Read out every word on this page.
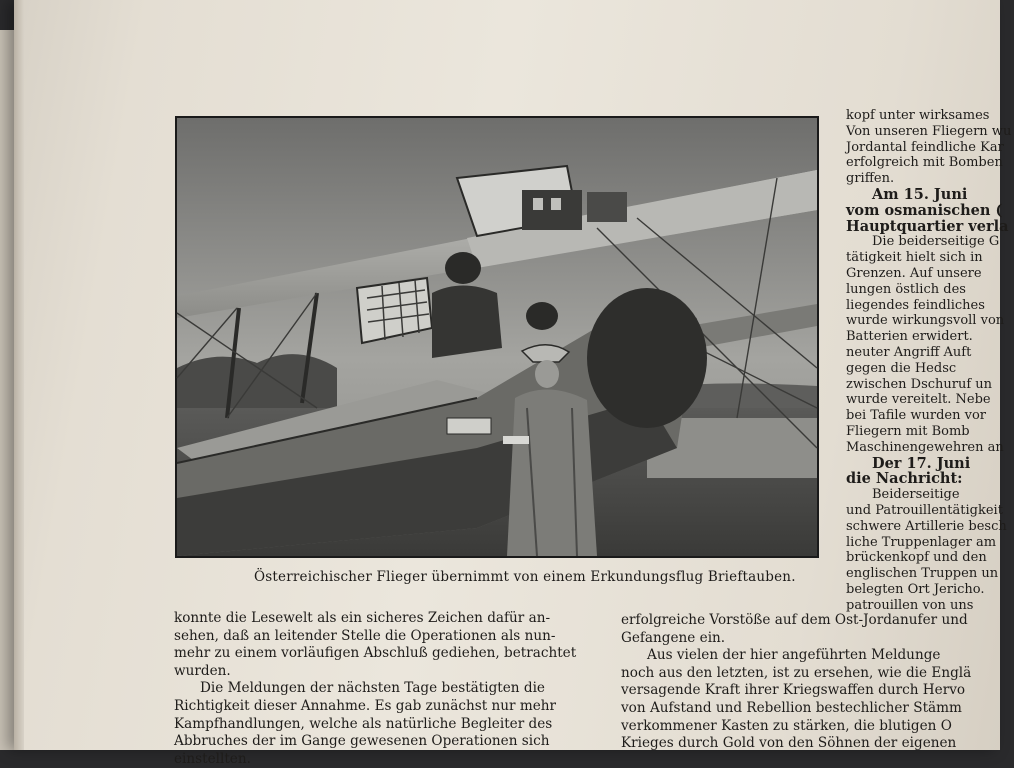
Österreichischer Flieger übernimmt von einem Erkundungsflug Brieftauben.
kopf unter wirksames
Von unseren Fliegern wu
Jordantal feindliche Kar
erfolgreich mit Bomben
griffen.
Am 15. Juni
vom osmanischen (
Hauptquartier verla
Die beiderseitige G
tätigkeit hielt sich in
Grenzen. Auf unsere
lungen östlich des
liegendes feindliches
wurde wirkungsvoll von
Batterien erwidert.
neuter Angriff Auft
gegen die Hedsc
zwischen Dschuruf un
wurde vereitelt. Nebe
bei Tafile wurden vor
Fliegern mit Bomb
Maschinengewehren an
Der 17. Juni
die Nachricht:
Beiderseitige
und Patrouillentätigkeit
schwere Artillerie besch
liche Truppenlager am
brückenkopf und den
englischen Truppen un
belegten Ort Jericho.
patrouillen von uns
konnte die Lesewelt als ein sicheres Zeichen dafür an-
sehen, daß an leitender Stelle die Operationen als nun-
mehr zu einem vorläufigen Abschluß gediehen, betrachtet
wurden.
Die Meldungen der nächsten Tage bestätigten die
Richtigkeit dieser Annahme. Es gab zunächst nur mehr
Kampfhandlungen, welche als natürliche Begleiter des
Abbruches der im Gange gewesenen Operationen sich
einstellten.
erfolgreiche Vorstöße auf dem Ost-Jordanufer und
Gefangene ein.
Aus vielen der hier angeführten Meldunge
noch aus den letzten, ist zu ersehen, wie die Englä
versagende Kraft ihrer Kriegswaffen durch Hervo
von Aufstand und Rebellion bestechlicher Stämm
verkommener Kasten zu stärken, die blutigen O
Krieges durch Gold von den Söhnen der eigenen
